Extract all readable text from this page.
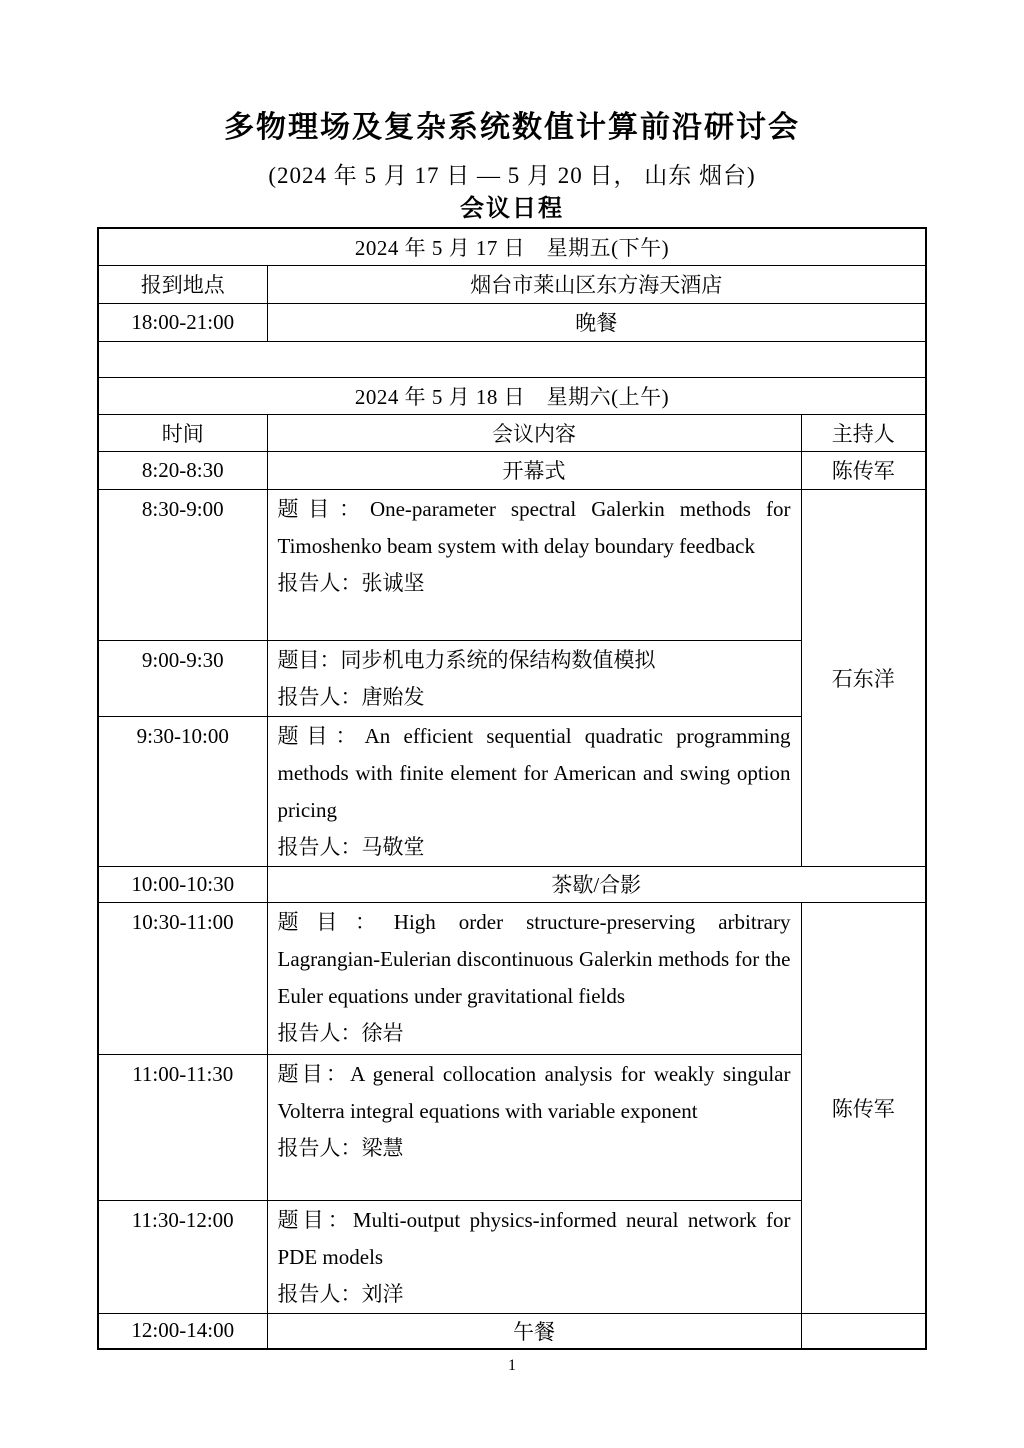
多物理场及复杂系统数值计算前沿研讨会
(2024 年 5 月 17 日 — 5 月 20 日， 山东 烟台)
会议日程
2024 年 5 月 17 日　星期五(下午)		
报到地点	烟台市莱山区东方海天酒店	
18:00-21:00	晚餐	

2024 年 5 月 18 日　星期六(上午)		
时间	会议内容	主持人
8:20-8:30	开幕式	陈传军
8:30-9:00	题目：One-parameter spectral Galerkin methods for Timoshenko beam system with delay boundary feedback
报告人：张诚坚	石东洋
9:00-9:30	题目：同步机电力系统的保结构数值模拟
报告人：唐贻发	

9:30-10:00	题目：An efficient sequential quadratic programming methods with finite element for American and swing option pricing
报告人：马敬堂	

10:00-10:30	茶歇/合影	
10:30-11:00	题目：High order structure-preserving arbitrary Lagrangian-Eulerian discontinuous Galerkin methods for the Euler equations under gravitational fields
报告人：徐岩	陈传军
11:00-11:30	题目：A general collocation analysis for weakly singular Volterra integral equations with variable exponent
报告人：梁慧	

11:30-12:00	题目：Multi-output physics-informed neural network for PDE models
报告人：刘洋	

12:00-14:00	午餐	
1
